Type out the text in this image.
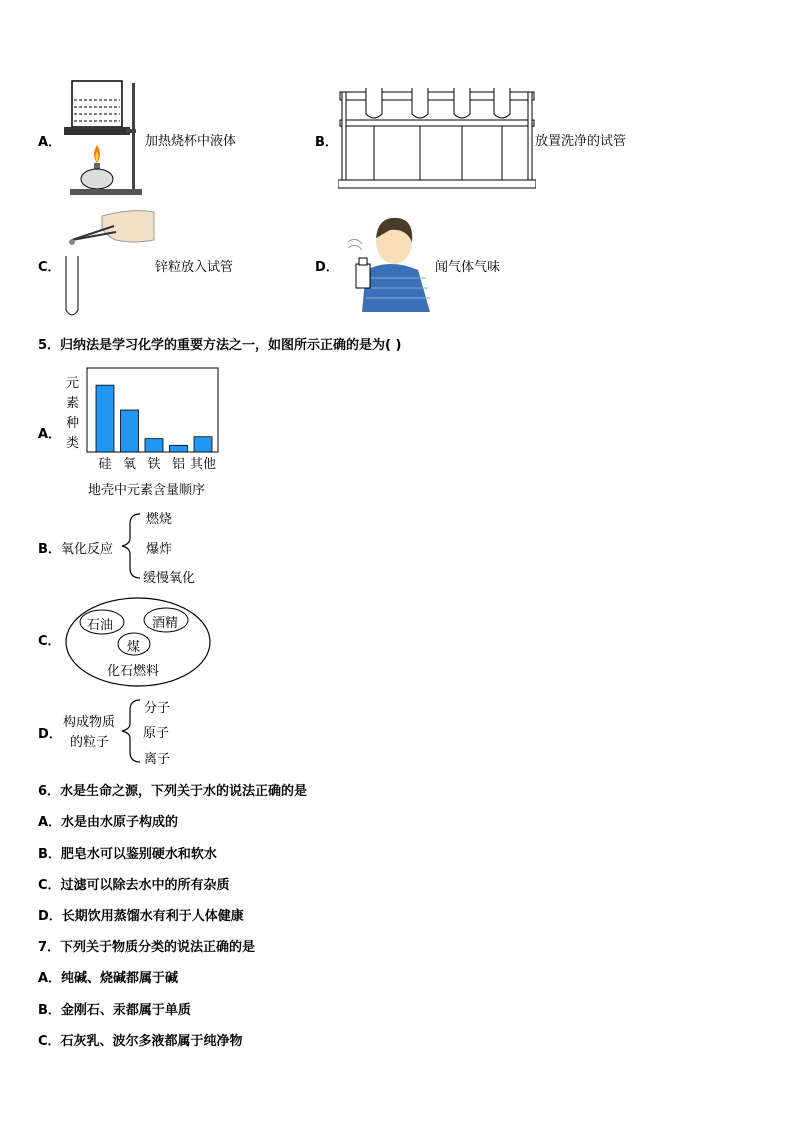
A．	加热烧杯中液体	B．	放置洗净的试管
C．	锌粒放入试管	D．	闻气体气味
5．归纳法是学习化学的重要方法之一，如图所示正确的是为( )
A．
元
素
种
类
硅 氧 铁 铝 其他
地壳中元素含量顺序
B． 氧化反应
燃烧
爆炸
缓慢氧化
C．
石油	酒精
煤
化石燃料
D．
构成物质
的粒子
分子
原子
离子
6．水是生命之源，下列关于水的说法正确的是
A．水是由水原子构成的
B．肥皂水可以鉴别硬水和软水
C．过滤可以除去水中的所有杂质
D．长期饮用蒸馏水有利于人体健康
7．下列关于物质分类的说法正确的是
A．纯碱、烧碱都属于碱
B．金刚石、汞都属于单质
C．石灰乳、波尔多液都属于纯净物
